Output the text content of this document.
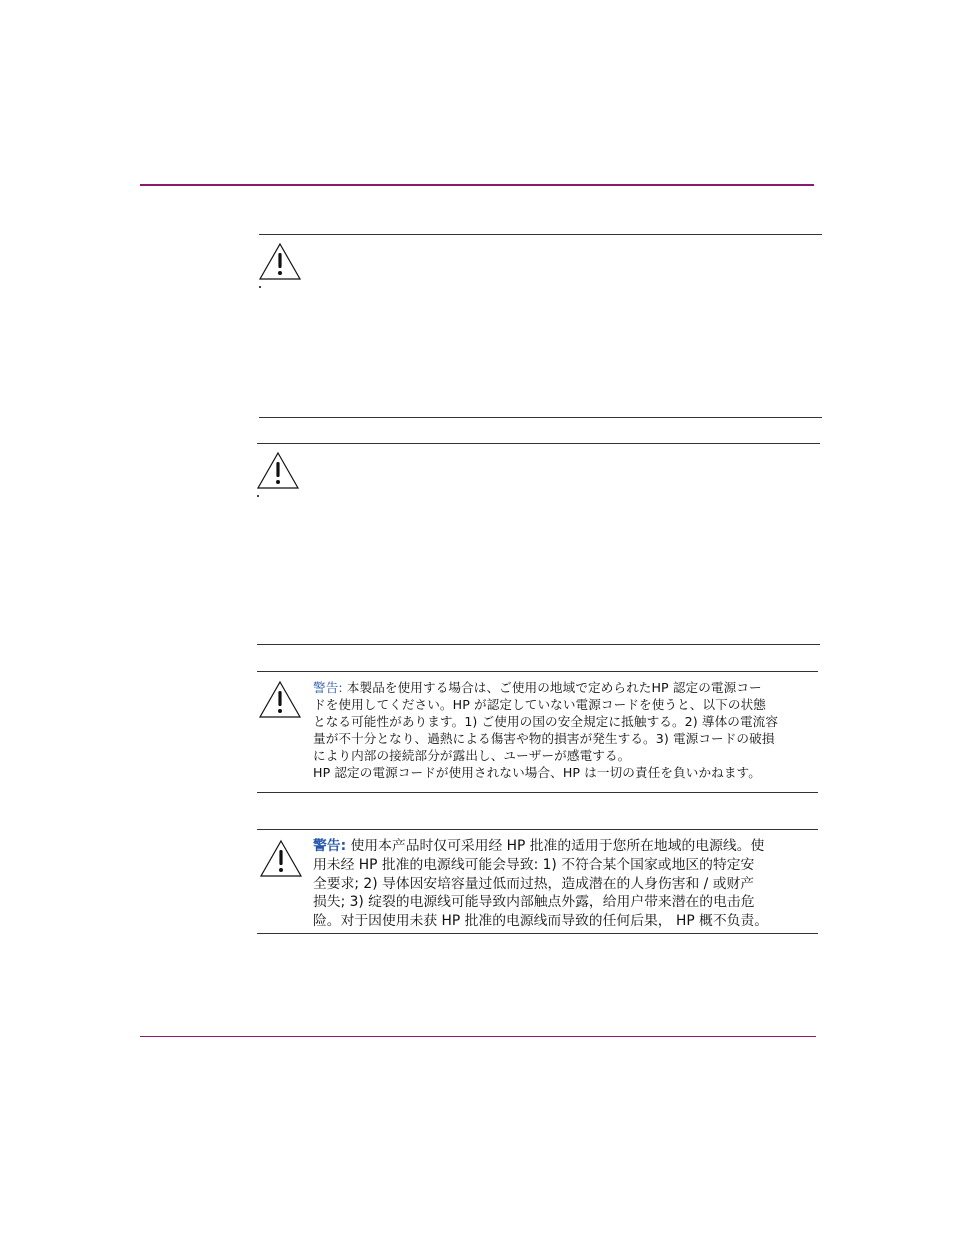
警告: 本製品を使用する場合は、ご使用の地域で定められたHP 認定の電源コー
ドを使用してください。HP が認定していない電源コードを使うと、以下の状態
となる可能性があります。1) ご使用の国の安全規定に抵触する。2) 導体の電流容
量が不十分となり、過熱による傷害や物的損害が発生する。3) 電源コードの破損
により内部の接続部分が露出し、ユーザーが感電する。
HP 認定の電源コードが使用されない場合、HP は一切の責任を負いかねます。
警告: 使用本产品时仅可采用经 HP 批准的适用于您所在地域的电源线。使
用未经 HP 批准的电源线可能会导致: 1) 不符合某个国家或地区的特定安
全要求; 2) 导体因安培容量过低而过热，造成潜在的人身伤害和 / 或财产
损失; 3) 绽裂的电源线可能导致内部触点外露，给用户带来潜在的电击危
险。对于因使用未获 HP 批准的电源线而导致的任何后果， HP 概不负责。
